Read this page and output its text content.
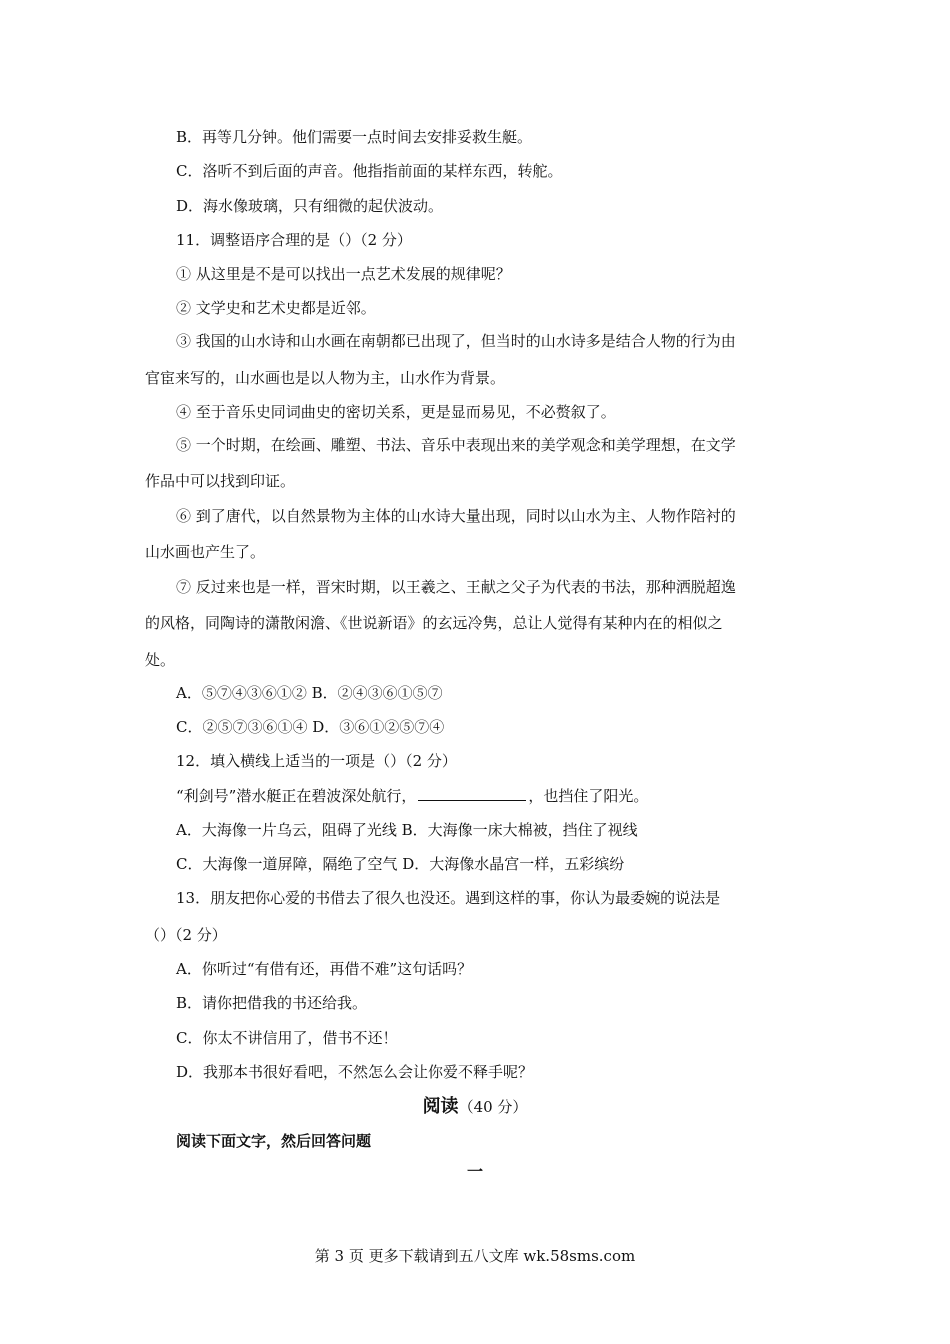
B．再等几分钟。他们需要一点时间去安排妥救生艇。
C．洛听不到后面的声音。他指指前面的某样东西，转舵。
D．海水像玻璃，只有细微的起伏波动。
11．调整语序合理的是（）（2 分）
① 从这里是不是可以找出一点艺术发展的规律呢？
② 文学史和艺术史都是近邻。
③ 我国的山水诗和山水画在南朝都已出现了，但当时的山水诗多是结合人物的行为由
官宦来写的，山水画也是以人物为主，山水作为背景。
④ 至于音乐史同词曲史的密切关系，更是显而易见，不必赘叙了。
⑤ 一个时期，在绘画、雕塑、书法、音乐中表现出来的美学观念和美学理想，在文学
作品中可以找到印证。
⑥ 到了唐代，以自然景物为主体的山水诗大量出现，同时以山水为主、人物作陪衬的
山水画也产生了。
⑦ 反过来也是一样，晋宋时期，以王羲之、王献之父子为代表的书法，那种洒脱超逸
的风格，同陶诗的潇散闲澹、《世说新语》的玄远冷隽，总让人觉得有某种内在的相似之
处。
A．⑤⑦④③⑥①② B．②④③⑥①⑤⑦
C．②⑤⑦③⑥①④ D．③⑥①②⑤⑦④
12．填入横线上适当的一项是（）（2 分）
“利剑号”潜水艇正在碧波深处航行，	，也挡住了阳光。
A．大海像一片乌云，阻碍了光线 B．大海像一床大棉被，挡住了视线
C．大海像一道屏障，隔绝了空气 D．大海像水晶宫一样，五彩缤纷
13．朋友把你心爱的书借去了很久也没还。遇到这样的事，你认为最委婉的说法是
（）（2 分）
A．你听过“有借有还，再借不难”这句话吗？
B．请你把借我的书还给我。
C．你太不讲信用了，借书不还！
D．我那本书很好看吧，不然怎么会让你爱不释手呢？
阅读（40 分）
阅读下面文字，然后回答问题
一
第 3 页 更多下载请到五八文库 wk.58sms.com
